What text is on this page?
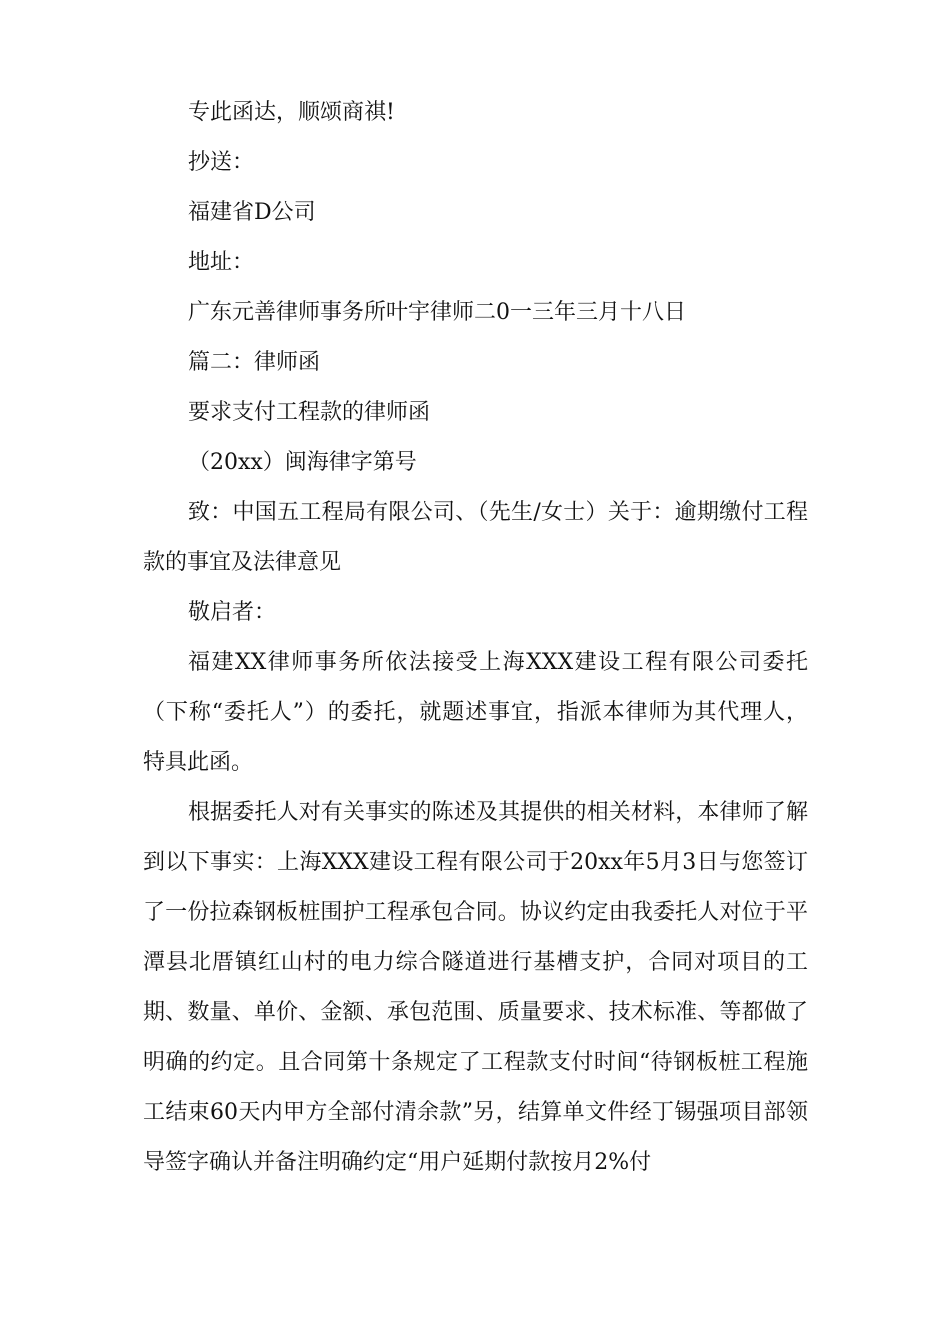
专此函达，顺颂商祺!

抄送：

福建省D公司

地址：

广东元善律师事务所叶宇律师二0一三年三月十八日

篇二：律师函

要求支付工程款的律师函

（20xx）闽海律字第号

致：中国五工程局有限公司、（先生/女士）关于：逾期缴付工程款的事宜及法律意见

敬启者：

福建XX律师事务所依法接受上海XXX建设工程有限公司委托（下称“委托人”）的委托，就题述事宜，指派本律师为其代理人， 特具此函。

根据委托人对有关事实的陈述及其提供的相关材料，本律师了解到以下事实：上海XXX建设工程有限公司于20xx年5月3日与您签订了一份拉森钢板桩围护工程承包合同。协议约定由我委托人对位于平潭县北厝镇红山村的电力综合隧道进行基槽支护，合同对项目的工期、数量、单价、金额、承包范围、质量要求、技术标准、等都做了明确的约定。且合同第十条规定了工程款支付时间“待钢板桩工程施工结束60天内甲方全部付清余款”另，结算单文件经丁锡强项目部领导签字确认并备注明确约定“用户延期付款按月2%付
